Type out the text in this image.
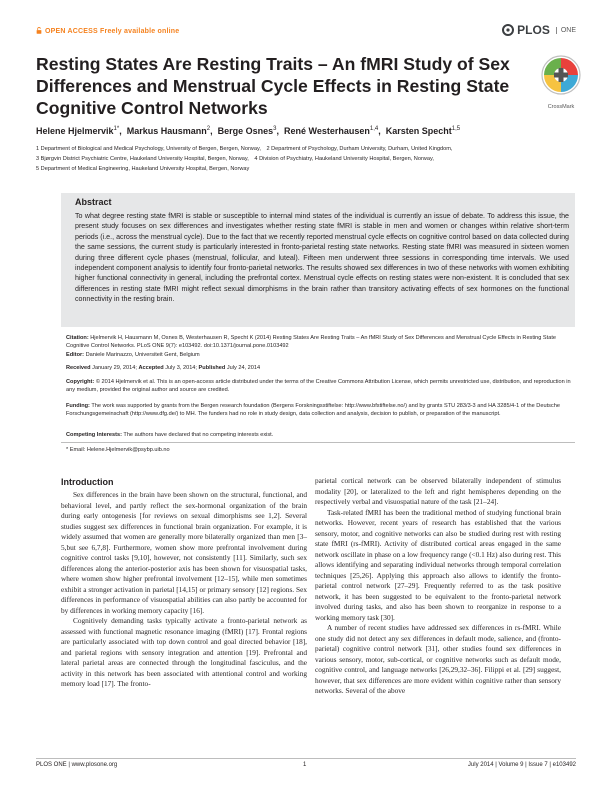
OPEN ACCESS Freely available online	PLOS	ONE
CrossMark
Resting States Are Resting Traits – An fMRI Study of Sex Differences and Menstrual Cycle Effects in Resting State Cognitive Control Networks
Helene Hjelmervik$^{1*}$,  Markus Hausmann$^2$,  Berge Osnes$^3$,  René Westerhausen$^{1,4}$,  Karsten Specht$^{1,5}$
1 Department of Biological and Medical Psychology, University of Bergen, Bergen, Norway, 2 Department of Psychology, Durham University, Durham, United Kingdom, 3 Bjørgvin District Psychiatric Centre, Haukeland University Hospital, Bergen, Norway, 4 Division of Psychiatry, Haukeland University Hospital, Bergen, Norway, 5 Department of Medical Engineering, Haukeland University Hospital, Bergen, Norway
Abstract
To what degree resting state fMRI is stable or susceptible to internal mind states of the individual is currently an issue of debate. To address this issue, the present study focuses on sex differences and investigates whether resting state fMRI is stable in men and women or changes within relative short-term periods (i.e., across the menstrual cycle). Due to the fact that we recently reported menstrual cycle effects on cognitive control based on data collected during the same sessions, the current study is particularly interested in fronto-parietal resting state networks. Resting state fMRI was measured in sixteen women during three different cycle phases (menstrual, follicular, and luteal). Fifteen men underwent three sessions in corresponding time intervals. We used independent component analysis to identify four fronto-parietal networks. The results showed sex differences in two of these networks with women exhibiting higher functional connectivity in general, including the prefrontal cortex. Menstrual cycle effects on resting states were non-existent. It is concluded that sex differences in resting state fMRI might reflect sexual dimorphisms in the brain rather than transitory activating effects of sex hormones on the functional connectivity in the resting brain.
Citation: Hjelmervik H, Hausmann M, Osnes B, Westerhausen R, Specht K (2014) Resting States Are Resting Traits – An fMRI Study of Sex Differences and Menstrual Cycle Effects in Resting State Cognitive Control Networks. PLoS ONE 9(7): e103492. doi:10.1371/journal.pone.0103492
Editor: Daniele Marinazzo, Universiteit Gent, Belgium
Received January 29, 2014; Accepted July 3, 2014; Published July 24, 2014
Copyright: © 2014 Hjelmervik et al. This is an open-access article distributed under the terms of the Creative Commons Attribution License, which permits unrestricted use, distribution, and reproduction in any medium, provided the original author and source are credited.
Funding: The work was supported by grants from the Bergen research foundation (Bergens Forskningsstiftelse: http://www.bfstiftelse.no/) and by grants STU 283/3-3 and HA 3285/4-1 of the Deutsche Forschungsgemeinschaft (http://www.dfg.de/) to MH. The funders had no role in study design, data collection and analysis, decision to publish, or preparation of the manuscript.
Competing Interests: The authors have declared that no competing interests exist.
* Email: Helene.Hjelmervik@psybp.uib.no
Introduction

Sex differences in the brain have been shown on the structural, functional, and behavioral level, and partly reflect the sex-hormonal organization of the brain during early ontogenesis [for reviews on sexual dimorphisms see 1,2]. Several studies suggest sex differences in functional brain organization. For example, it is widely assumed that women are generally more bilaterally organized than men [3–5,but see 6,7,8]. Furthermore, women show more prefrontal involvement during cognitive control tasks [9,10], however, not consistently [11]. Similarly, such sex differences along the anterior-posterior axis has been shown for visuospatial tasks, where women show higher prefrontal involvement [12–15], while men sometimes exhibit a stronger activation in parietal [14,15] or primary sensory [12] regions. Sex differences in performance of visuospatial abilities can also partly be accounted for by differences in working memory capacity [16].

Cognitively demanding tasks typically activate a fronto-parietal network as assessed with functional magnetic resonance imaging (fMRI) [17]. Frontal regions are particularly associated with top down control and goal directed behavior [18], and parietal regions with sensory integration and attention [19]. Prefrontal and lateral parietal areas are connected through the longitudinal fasciculus, and the activity in this network has been associated with attentional control and working memory load [17]. The fronto-

parietal cortical network can be observed bilaterally independent of stimulus modality [20], or lateralized to the left and right hemispheres depending on the respectively verbal and visuospatial nature of the task [21–24].

Task-related fMRI has been the traditional method of studying functional brain networks. However, recent years of research has established that the various sensory, motor, and cognitive networks can also be studied during rest with resting state fMRI (rs-fMRI). Activity of distributed cortical areas engaged in the same network oscillate in phase on a low frequency range (<0.1 Hz) also during rest. This allows identifying and separating individual networks through temporal correlation techniques [25,26]. Applying this approach also allows to identify the fronto-parietal control network [27–29]. Frequently referred to as the task positive network, it has been suggested to be equivalent to the fronto-parietal network involved during tasks, and also has been shown to reorganize in response to a working memory task [30].

A number of recent studies have addressed sex differences in rs-fMRI. While one study did not detect any sex differences in default mode, salience, and (fronto-parietal) cognitive control network [31], other studies found sex differences in various sensory, motor, sub-cortical, or cognitive networks such as default mode, cognitive control, and language networks [26,29,32–36]. Filippi et al. [29] suggest, however, that sex differences are more evident within cognitive rather than sensory networks. Several of the above

PLOS ONE | www.plosone.org	1	July 2014 | Volume 9 | Issue 7 | e103492
